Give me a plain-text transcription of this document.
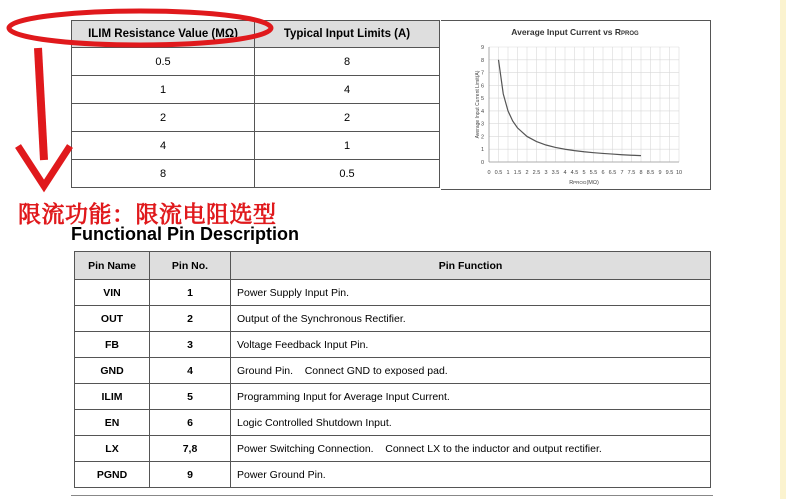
ILIM Resistance Value (MΩ)	Typical Input Limits (A)
0.5	8
1	4
2	2
4	1
8	0.5
Average Input Current vs RPROG
0 0.5 1 1.5 2 2.5 3 3.5 4 4.5 5 5.5 6 6.5 7 7.5 8 8.5 9 9.5 10
0
1
2
3
4
5
6
7
8
9
RPROG(MΩ)
Average Input Current Limit(A)
限流功能：限流电阻选型
Functional Pin Description
Pin Name	Pin No.	Pin Function
VIN	1	Power Supply Input Pin.
OUT	2	Output of the Synchronous Rectifier.
FB	3	Voltage Feedback Input Pin.
GND	4	Ground Pin.    Connect GND to exposed pad.
ILIM	5	Programming Input for Average Input Current.
EN	6	Logic Controlled Shutdown Input.
LX	7,8	Power Switching Connection.    Connect LX to the inductor and output rectifier.
PGND	9	Power Ground Pin.
